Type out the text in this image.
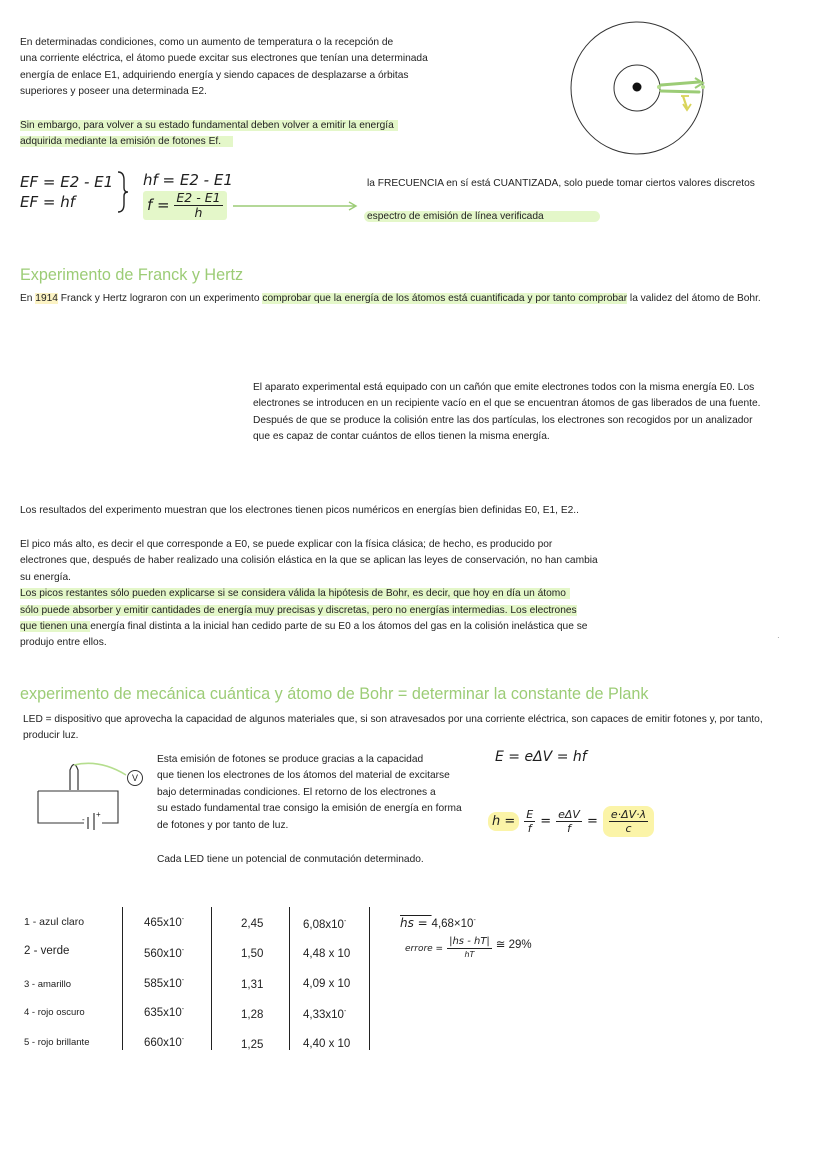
En determinadas condiciones, como un aumento de temperatura o la recepción de
una corriente eléctrica, el átomo puede excitar sus electrones que tenían una determinada
energía de enlace E1, adquiriendo energía y siendo capaces de desplazarse a órbitas
superiores y poseer una determinada E2.
Sin embargo, para volver a su estado fundamental deben volver a emitir la energía
adquirida mediante la emisión de fotones Ef.
EF = E2 - E1
EF = hf
hf = E2 - E1
$f = \frac{E2 - E1}{h}$
la FRECUENCIA en sí está CUANTIZADA, solo puede tomar ciertos valores discretos
espectro de emisión de línea verificada
Experimento de Franck y Hertz
En 1914 Franck y Hertz lograron con un experimento comprobar que la energía de los átomos está cuantificada y por tanto comprobar la validez del átomo de Bohr.
El aparato experimental está equipado con un cañón que emite electrones todos con la misma energía E0. Los
electrones se introducen en un recipiente vacío en el que se encuentran átomos de gas liberados de una fuente.
Después de que se produce la colisión entre las dos partículas, los electrones son recogidos por un analizador
que es capaz de contar cuántos de ellos tienen la misma energía.
Los resultados del experimento muestran que los electrones tienen picos numéricos en energías bien definidas E0, E1, E2..
El pico más alto, es decir el que corresponde a E0, se puede explicar con la física clásica; de hecho, es producido por
electrones que, después de haber realizado una colisión elástica en la que se aplican las leyes de conservación, no han cambia
su energía.
Los picos restantes sólo pueden explicarse si se considera válida la hipótesis de Bohr, es decir, que hoy en día un átomo
sólo puede absorber y emitir cantidades de energía muy precisas y discretas, pero no energías intermedias. Los electrones
que tienen una energía final distinta a la inicial han cedido parte de su E0 a los átomos del gas en la colisión inelástica que se
produjo entre ellos.	·
experimento de mecánica cuántica y átomo de Bohr = determinar la constante de Plank
LED = dispositivo que aprovecha la capacidad de algunos materiales que, si son atravesados por una corriente eléctrica, son capaces de emitir fotones y, por tanto,
producir luz.
-
+
V
Esta emisión de fotones se produce gracias a la capacidad
que tienen los electrones de los átomos del material de excitarse
bajo determinadas condiciones. El retorno de los electrones a
su estado fundamental trae consigo la emisión de energía en forma
de fotones y por tanto de luz.
Cada LED tiene un potencial de conmutación determinado.
E = eΔV = hf
$h = \frac{E}{f} = e\Delta V$
f	= $\frac{e\cdot\Delta V\cdot\lambda}{c}$
1 - azul claro	465x10-	2,45	6,08x10-
2 - verde	560x10-	1,50	4,48 x 10
3 - amarillo	585x10-	1,31	4,09 x 10
4 - rojo oscuro	635x10-	1,28	4,33x10-
5 - rojo brillante	660x10-	1,25	4,40 x 10
hs = 4,68×10-
errore =
|hs - hT|
hT
≅ 29%
